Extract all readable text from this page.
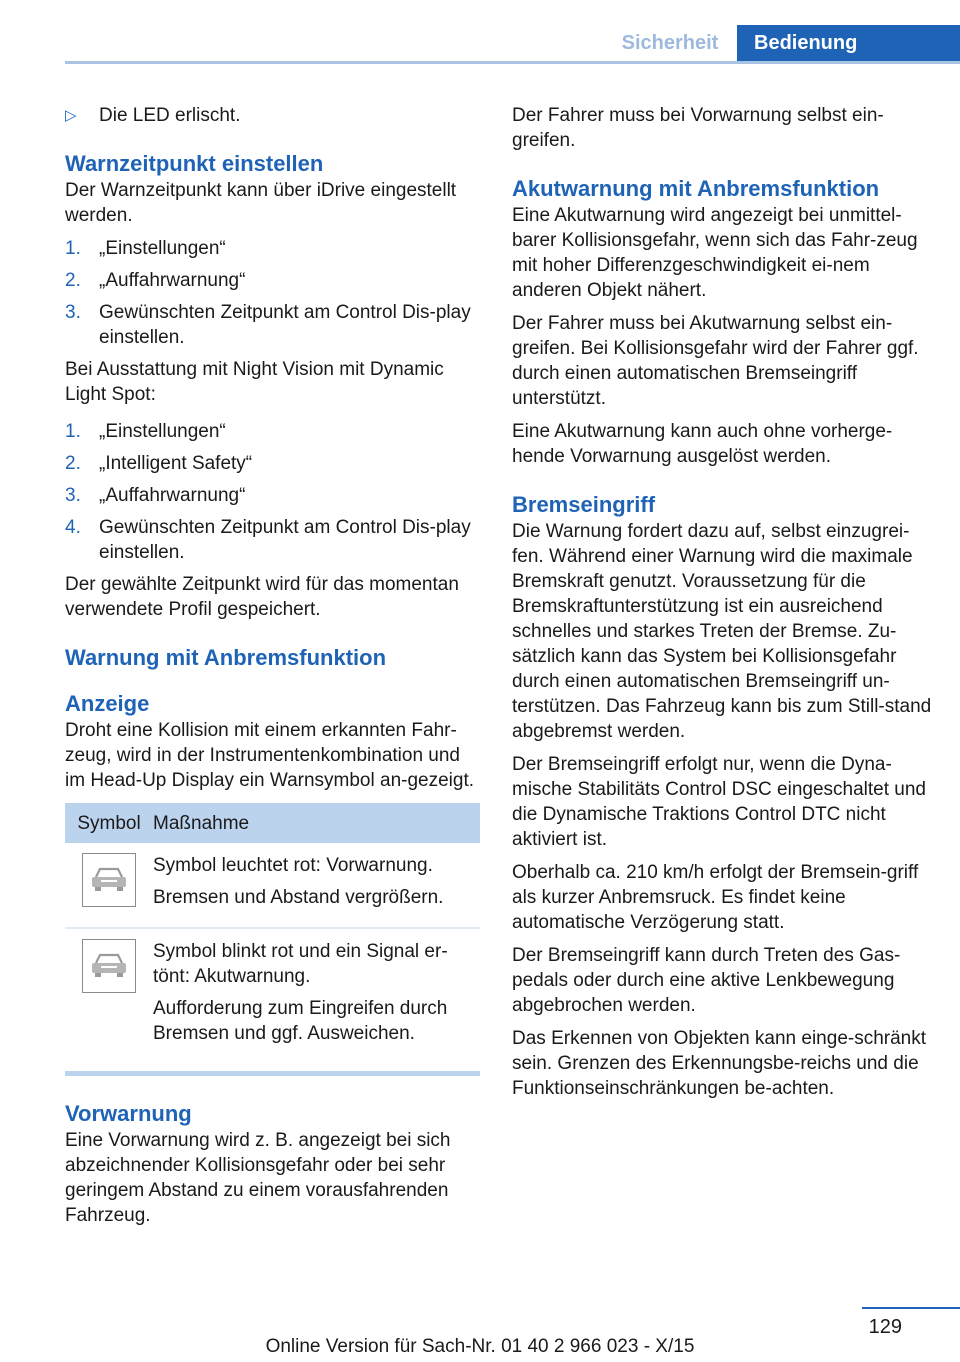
Sicherheit	Bedienung
▷ Die LED erlischt.
Warnzeitpunkt einstellen

Der Warnzeitpunkt kann über iDrive eingestellt werden.

1. „Einstellungen“
2. „Auffahrwarnung“
3. Gewünschten Zeitpunkt am Control Dis-play einstellen.

Bei Ausstattung mit Night Vision mit Dynamic Light Spot:

1. „Einstellungen“
2. „Intelligent Safety“
3. „Auffahrwarnung“
4. Gewünschten Zeitpunkt am Control Dis-play einstellen.

Der gewählte Zeitpunkt wird für das momentan verwendete Profil gespeichert.

Warnung mit Anbremsfunktion
Anzeige

Droht eine Kollision mit einem erkannten Fahr-zeug, wird in der Instrumentenkombination und im Head-Up Display ein Warnsymbol an-gezeigt.

Symbol Maßnahme

Symbol leuchtet rot: Vorwarnung.

Bremsen und Abstand vergrößern.

Symbol blinkt rot und ein Signal er-tönt: Akutwarnung.

Aufforderung zum Eingreifen durch Bremsen und ggf. Ausweichen.

Vorwarnung

Eine Vorwarnung wird z. B. angezeigt bei sich abzeichnender Kollisionsgefahr oder bei sehr geringem Abstand zu einem vorausfahrenden Fahrzeug.

Der Fahrer muss bei Vorwarnung selbst ein-greifen.

Akutwarnung mit Anbremsfunktion

Eine Akutwarnung wird angezeigt bei unmittel-barer Kollisionsgefahr, wenn sich das Fahr-zeug mit hoher Differenzgeschwindigkeit ei-nem anderen Objekt nähert.

Der Fahrer muss bei Akutwarnung selbst ein-greifen. Bei Kollisionsgefahr wird der Fahrer ggf. durch einen automatischen Bremseingriff unterstützt.

Eine Akutwarnung kann auch ohne vorherge-hende Vorwarnung ausgelöst werden.

Bremseingriff

Die Warnung fordert dazu auf, selbst einzugrei-fen. Während einer Warnung wird die maximale Bremskraft genutzt. Voraussetzung für die Bremskraftunterstützung ist ein ausreichend schnelles und starkes Treten der Bremse. Zu-sätzlich kann das System bei Kollisionsgefahr durch einen automatischen Bremseingriff un-terstützen. Das Fahrzeug kann bis zum Still-stand abgebremst werden.

Der Bremseingriff erfolgt nur, wenn die Dyna-mische Stabilitäts Control DSC eingeschaltet und die Dynamische Traktions Control DTC nicht aktiviert ist.

Oberhalb ca. 210 km/h erfolgt der Bremsein-griff als kurzer Anbremsruck. Es findet keine automatische Verzögerung statt.

Der Bremseingriff kann durch Treten des Gas-pedals oder durch eine aktive Lenkbewegung abgebrochen werden.

Das Erkennen von Objekten kann einge-schränkt sein. Grenzen des Erkennungsbe-reichs und die Funktionseinschränkungen be-achten.

129
Online Version für Sach-Nr. 01 40 2 966 023 - X/15
